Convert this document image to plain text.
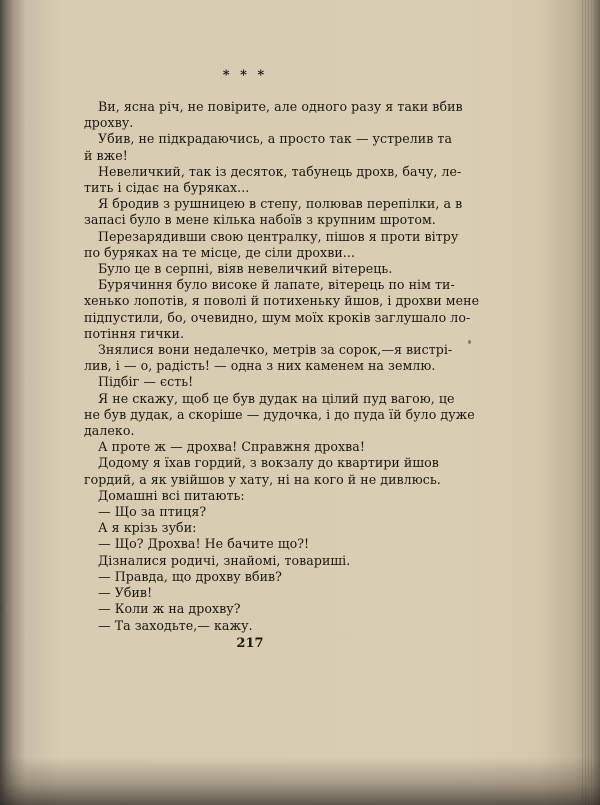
* * *
Ви, ясна річ, не повірите, але одного разу я таки вбив
дрохву.
Убив, не підкрадаючись, а просто так — устрелив та
й вже!
Невеличкий, так із десяток, табунець дрохв, бачу, ле-
тить і сідає на буряках...
Я бродив з рушницею в степу, полював перепілки, а в
запасі було в мене кілька набоїв з крупним шротом.
Перезарядивши свою централку, пішов я проти вітру
по буряках на те місце, де сіли дрохви...
Було це в серпні, віяв невеличкий вітерець.
Бурячиння було високе й лапате, вітерець по нім ти-
хенько лопотів, я поволі й потихеньку йшов, і дрохви мене
підпустили, бо, очевидно, шум моїх кроків заглушало ло-
потіння гички.
Знялися вони недалечко, метрів за сорок,—я вистрі-
лив, і — о, радість! — одна з них каменем на землю.
Підбіг — єсть!
Я не скажу, щоб це був дудак на цілий пуд вагою, це
не був дудак, а скоріше — дудочка, і до пуда їй було дуже
далеко.
А проте ж — дрохва! Справжня дрохва!
Додому я їхав гордий, з вокзалу до квартири йшов
гордий, а як увійшов у хату, ні на кого й не дивлюсь.
Домашні всі питають:
— Що за птиця?
А я крізь зуби:
— Що? Дрохва! Не бачите що?!
Дізналися родичі, знайомі, товариші.
— Правда, що дрохву вбив?
— Убив!
— Коли ж на дрохву?
— Та заходьте,— кажу.
217
